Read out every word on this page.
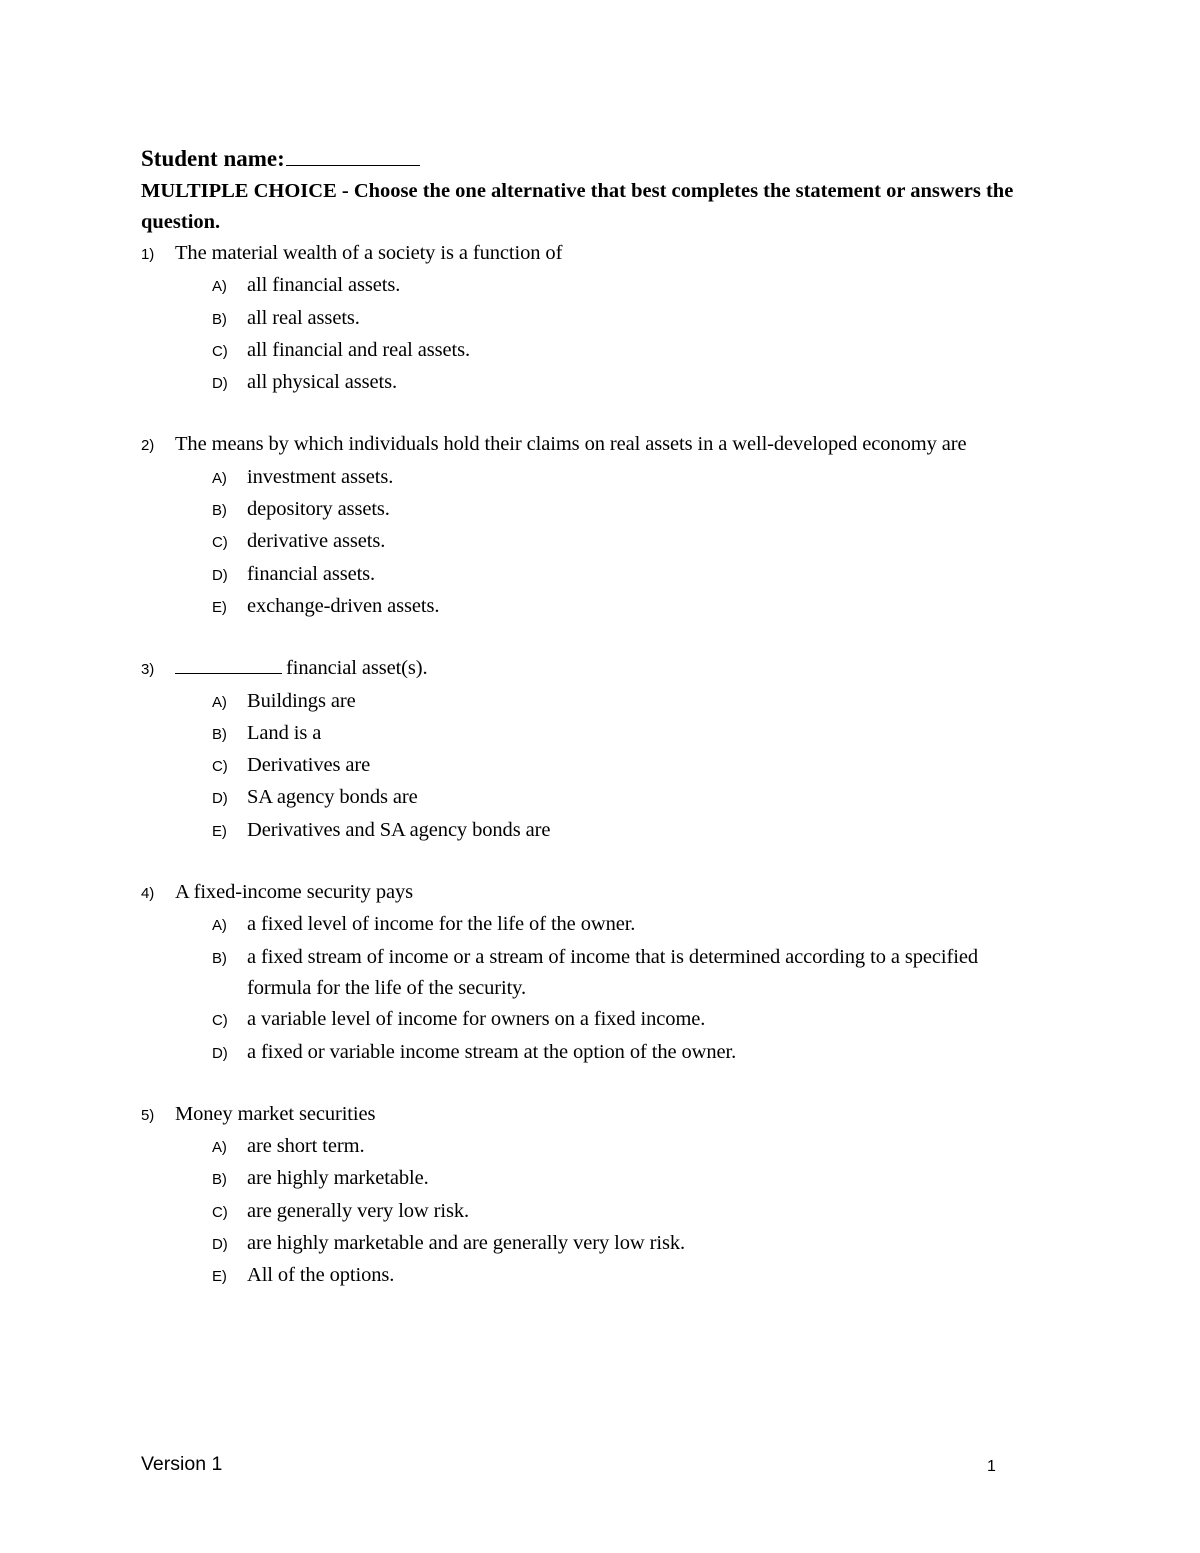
Student name:
MULTIPLE CHOICE - Choose the one alternative that best completes the statement or answers the question.
1)	The material wealth of a society is a function of
A) all financial assets.
B) all real assets.
C) all financial and real assets.
D) all physical assets.
2)	The means by which individuals hold their claims on real assets in a well-developed economy are
A) investment assets.
B) depository assets.
C) derivative assets.
D) financial assets.
E) exchange-driven assets.
3)	financial asset(s).
A) Buildings are
B) Land is a
C) Derivatives are
D) SA agency bonds are
E) Derivatives and SA agency bonds are
4)	A fixed-income security pays
A) a fixed level of income for the life of the owner.
B) a fixed stream of income or a stream of income that is determined according to a specified formula for the life of the security.
C) a variable level of income for owners on a fixed income.
D) a fixed or variable income stream at the option of the owner.
5)	Money market securities
A) are short term.
B) are highly marketable.
C) are generally very low risk.
D) are highly marketable and are generally very low risk.
E) All of the options.
Version 1	1
